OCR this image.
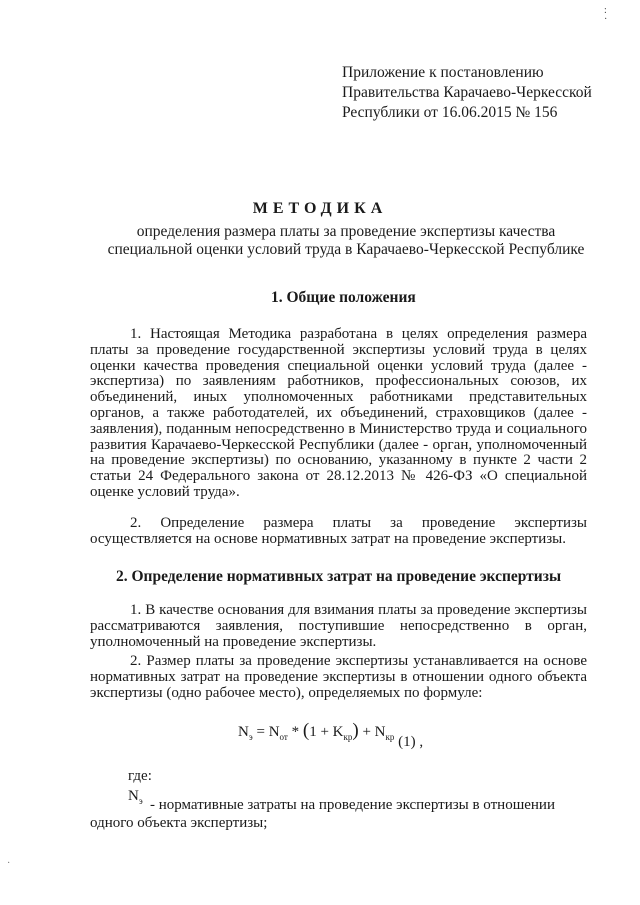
:
·
Приложение к постановлению
Правительства Карачаево-Черкесской
Республики от 16.06.2015 № 156
МЕТОДИКА
определения размера платы за проведение экспертизы качества
специальной оценки условий труда в Карачаево-Черкесской Республике
1. Общие положения
1. Настоящая Методика разработана в целях определения размера платы за проведение государственной экспертизы условий труда в целях оценки качества проведения специальной оценки условий труда (далее - экспертиза) по заявлениям работников, профессиональных союзов, их объединений, иных уполномоченных работниками представительных органов, а также работодателей, их объединений, страховщиков (далее - заявления), поданным непосредственно в Министерство труда и социального развития Карачаево-Черкесской Республики (далее - орган, уполномоченный на проведение экспертизы) по основанию, указанному в пункте 2 части 2 статьи 24 Федерального закона от 28.12.2013 № 426-ФЗ «О специальной оценке условий труда».
2. Определение размера платы за проведение экспертизы осуществляется на основе нормативных затрат на проведение экспертизы.
2. Определение нормативных затрат на проведение экспертизы
1. В качестве основания для взимания платы за проведение экспертизы рассматриваются заявления, поступившие непосредственно в орган, уполномоченный на проведение экспертизы.
2. Размер платы за проведение экспертизы устанавливается на основе нормативных затрат на проведение экспертизы в отношении одного объекта экспертизы (одно рабочее место), определяемых по формуле:
$N_э = N_{от} * (1 + K_{кр}) + N_{кр}$ (1) ,
где:
$N_э$ - нормативные затраты на проведение экспертизы в отношении
одного объекта экспертизы;
·
